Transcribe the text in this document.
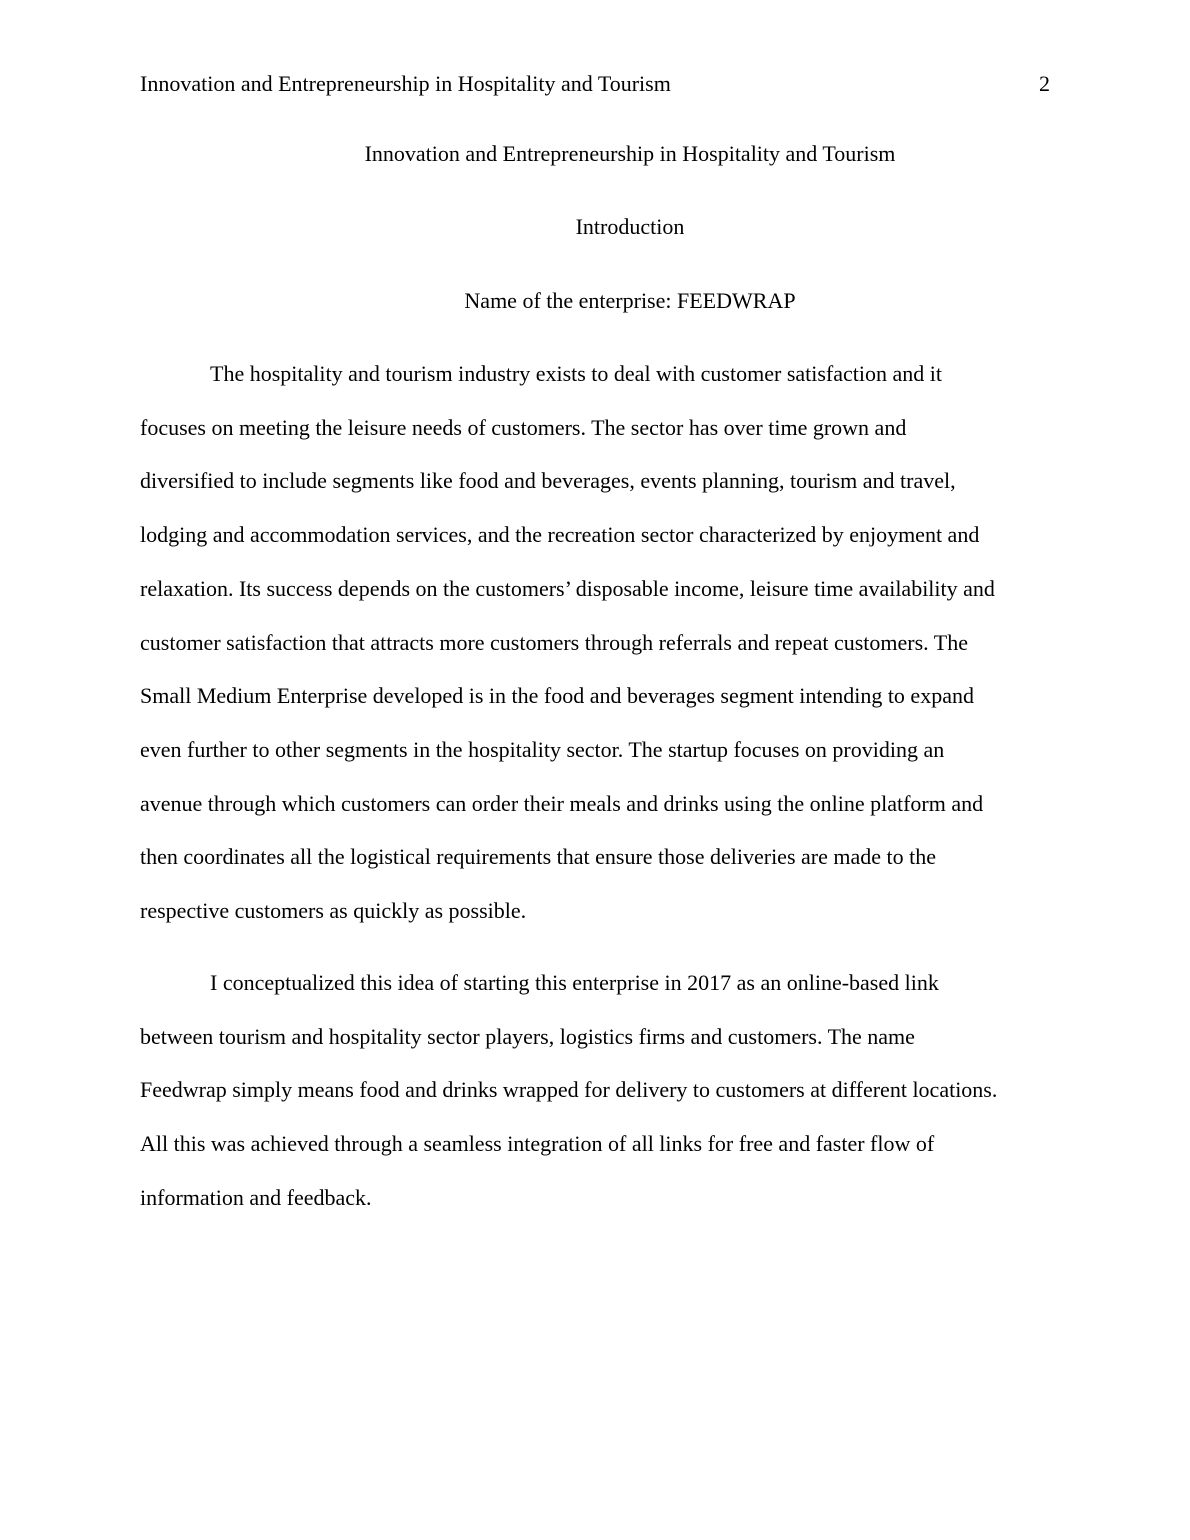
Innovation and Entrepreneurship in Hospitality and Tourism	2
Innovation and Entrepreneurship in Hospitality and Tourism
Introduction
Name of the enterprise: FEEDWRAP

The hospitality and tourism industry exists to deal with customer satisfaction and it
focuses on meeting the leisure needs of customers. The sector has over time grown and
diversified to include segments like food and beverages, events planning, tourism and travel,
lodging and accommodation services, and the recreation sector characterized by enjoyment and
relaxation. Its success depends on the customers’ disposable income, leisure time availability and
customer satisfaction that attracts more customers through referrals and repeat customers. The
Small Medium Enterprise developed is in the food and beverages segment intending to expand
even further to other segments in the hospitality sector. The startup focuses on providing an
avenue through which customers can order their meals and drinks using the online platform and
then coordinates all the logistical requirements that ensure those deliveries are made to the
respective customers as quickly as possible.

I conceptualized this idea of starting this enterprise in 2017 as an online-based link
between tourism and hospitality sector players, logistics firms and customers. The name
Feedwrap simply means food and drinks wrapped for delivery to customers at different locations.
All this was achieved through a seamless integration of all links for free and faster flow of
information and feedback.
